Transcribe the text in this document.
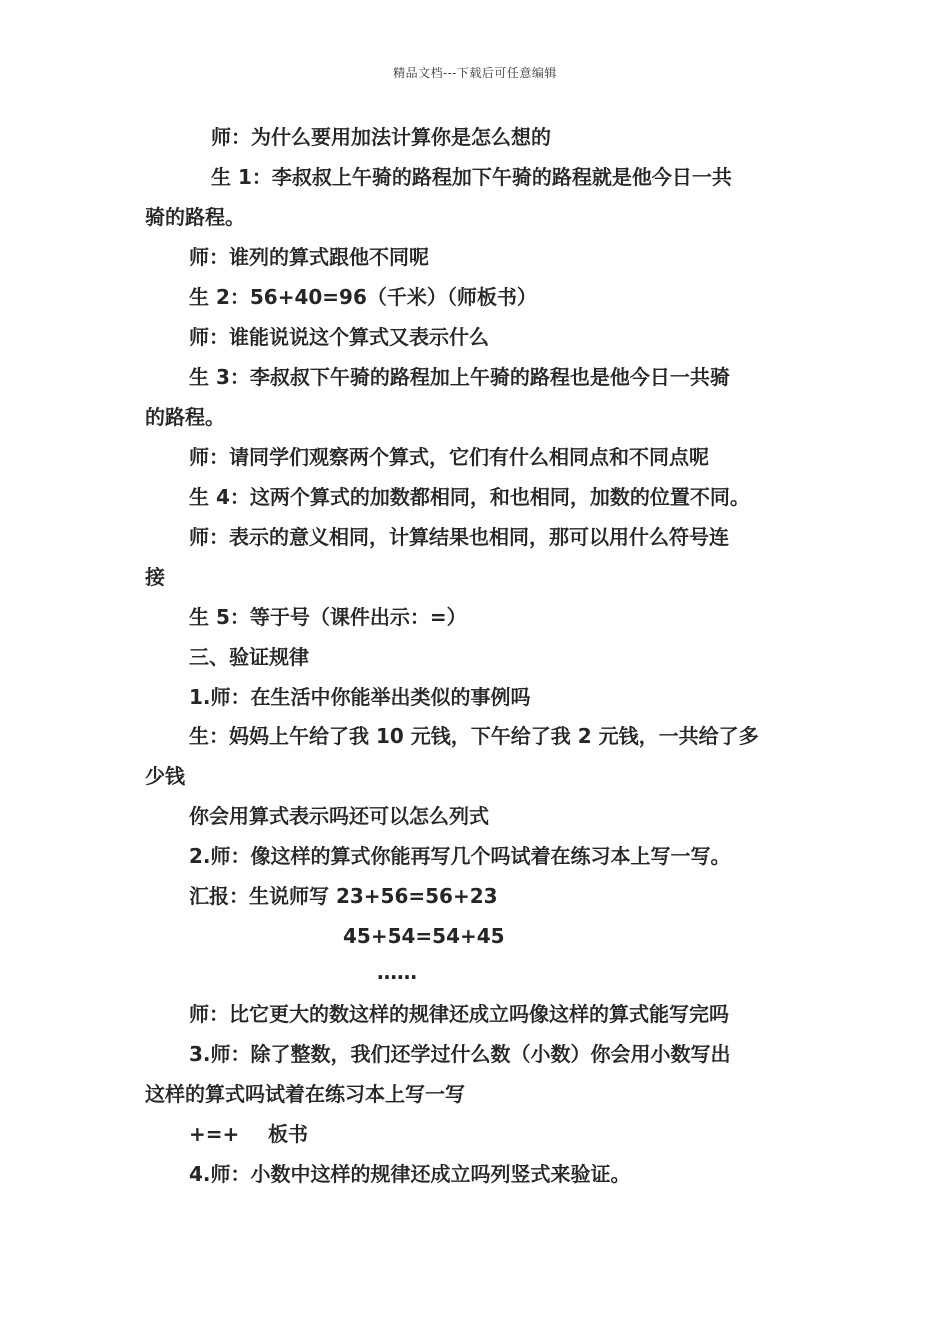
精品文档---下载后可任意编辑
师：为什么要用加法计算你是怎么想的
生 1：李叔叔上午骑的路程加下午骑的路程就是他今日一共
骑的路程。
师：谁列的算式跟他不同呢
生 2：56+40=96（千米）（师板书）
师：谁能说说这个算式又表示什么
生 3：李叔叔下午骑的路程加上午骑的路程也是他今日一共骑
的路程。
师：请同学们观察两个算式，它们有什么相同点和不同点呢
生 4：这两个算式的加数都相同，和也相同，加数的位置不同。
师：表示的意义相同，计算结果也相同，那可以用什么符号连
接
生 5：等于号（课件出示：=）
三、验证规律
1.师：在生活中你能举出类似的事例吗
生：妈妈上午给了我 10 元钱，下午给了我 2 元钱，一共给了多
少钱
你会用算式表示吗还可以怎么列式
2.师：像这样的算式你能再写几个吗试着在练习本上写一写。
汇报：生说师写 23+56=56+23
45+54=54+45
……
师：比它更大的数这样的规律还成立吗像这样的算式能写完吗
3.师：除了整数，我们还学过什么数（小数）你会用小数写出
这样的算式吗试着在练习本上写一写
+=+ 板书
4.师：小数中这样的规律还成立吗列竖式来验证。
